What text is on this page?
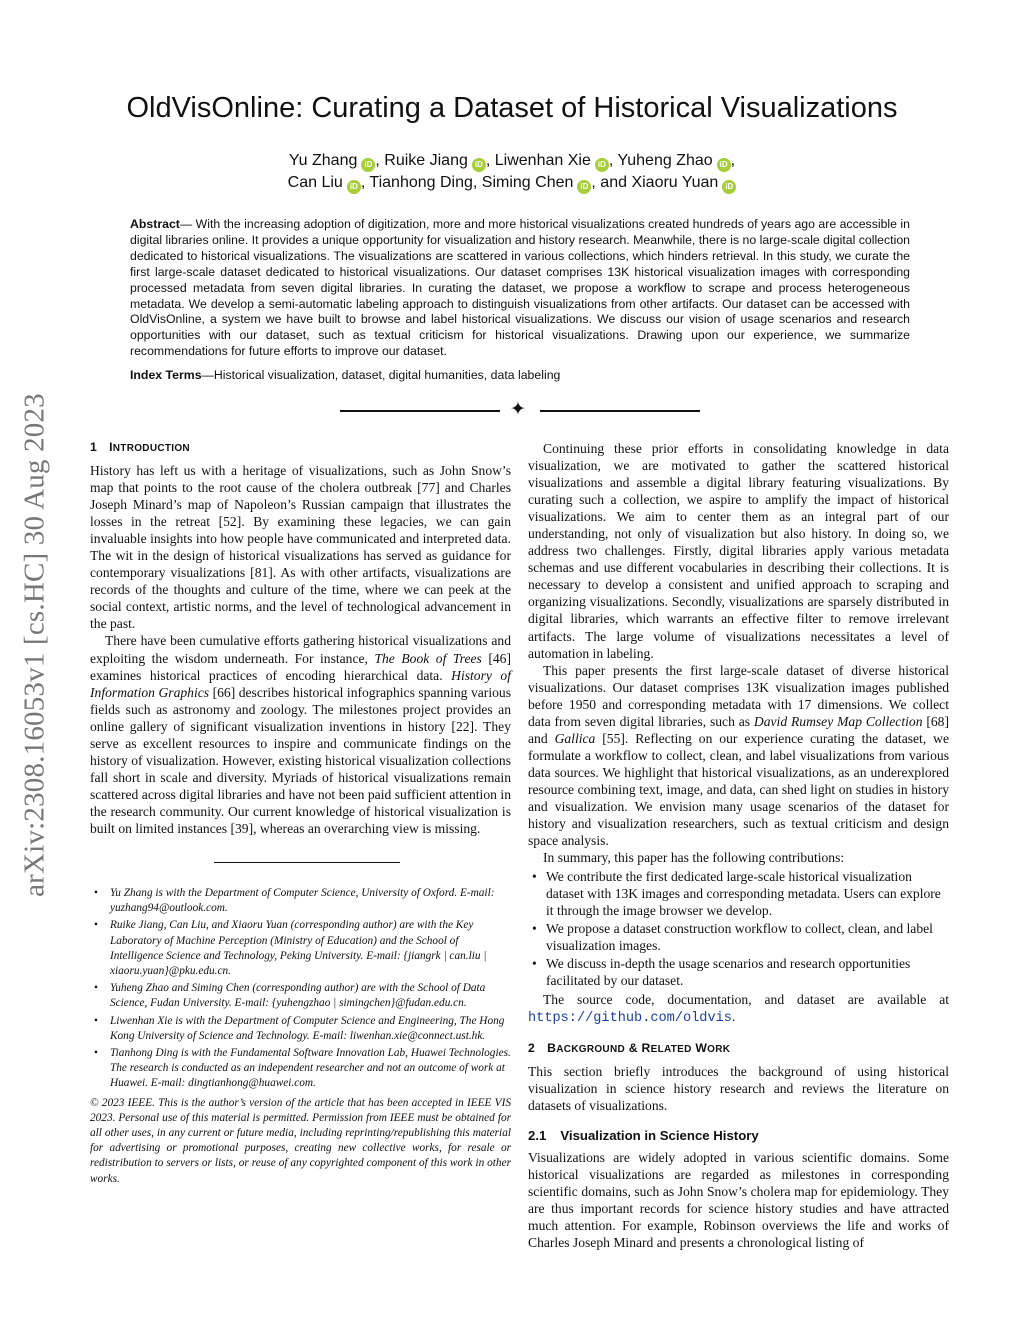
arXiv:2308.16053v1 [cs.HC] 30 Aug 2023
OldVisOnline: Curating a Dataset of Historical Visualizations
Yu Zhang iD , Ruike Jiang iD , Liwenhan Xie iD , Yuheng Zhao iD ,
Can Liu iD , Tianhong Ding, Siming Chen iD , and Xiaoru Yuan iD
Abstract— With the increasing adoption of digitization, more and more historical visualizations created hundreds of years ago are accessible in digital libraries online. It provides a unique opportunity for visualization and history research. Meanwhile, there is no large-scale digital collection dedicated to historical visualizations. The visualizations are scattered in various collections, which hinders retrieval. In this study, we curate the first large-scale dataset dedicated to historical visualizations. Our dataset comprises 13K historical visualization images with corresponding processed metadata from seven digital libraries. In curating the dataset, we propose a workflow to scrape and process heterogeneous metadata. We develop a semi-automatic labeling approach to distinguish visualizations from other artifacts. Our dataset can be accessed with OldVisOnline, a system we have built to browse and label historical visualizations. We discuss our vision of usage scenarios and research opportunities with our dataset, such as textual criticism for historical visualizations. Drawing upon our experience, we summarize recommendations for future efforts to improve our dataset.
Index Terms—Historical visualization, dataset, digital humanities, data labeling
✦
1 INTRODUCTION

History has left us with a heritage of visualizations, such as John Snow’s map that points to the root cause of the cholera outbreak [77] and Charles Joseph Minard’s map of Napoleon’s Russian campaign that illustrates the losses in the retreat [52]. By examining these legacies, we can gain invaluable insights into how people have communicated and interpreted data. The wit in the design of historical visualizations has served as guidance for contemporary visualizations [81]. As with other artifacts, visualizations are records of the thoughts and culture of the time, where we can peek at the social context, artistic norms, and the level of technological advancement in the past.

There have been cumulative efforts gathering historical visualizations and exploiting the wisdom underneath. For instance, The Book of Trees [46] examines historical practices of encoding hierarchical data. History of Information Graphics [66] describes historical infographics spanning various fields such as astronomy and zoology. The milestones project provides an online gallery of significant visualization inventions in history [22]. They serve as excellent resources to inspire and communicate findings on the history of visualization. However, existing historical visualization collections fall short in scale and diversity. Myriads of historical visualizations remain scattered across digital libraries and have not been paid sufficient attention in the research community. Our current knowledge of historical visualization is built on limited instances [39], whereas an overarching view is missing.

• Yu Zhang is with the Department of Computer Science, University of Oxford. E-mail: yuzhang94@outlook.com.
• Ruike Jiang, Can Liu, and Xiaoru Yuan (corresponding author) are with the Key Laboratory of Machine Perception (Ministry of Education) and the School of Intelligence Science and Technology, Peking University. E-mail: {jiangrk | can.liu | xiaoru.yuan}@pku.edu.cn.
• Yuheng Zhao and Siming Chen (corresponding author) are with the School of Data Science, Fudan University. E-mail: {yuhengzhao | simingchen}@fudan.edu.cn.
• Liwenhan Xie is with the Department of Computer Science and Engineering, The Hong Kong University of Science and Technology. E-mail: liwenhan.xie@connect.ust.hk.
• Tianhong Ding is with the Fundamental Software Innovation Lab, Huawei Technologies. The research is conducted as an independent researcher and not an outcome of work at Huawei. E-mail: dingtianhong@huawei.com.
© 2023 IEEE. This is the author’s version of the article that has been accepted in IEEE VIS 2023. Personal use of this material is permitted. Permission from IEEE must be obtained for all other uses, in any current or future media, including reprinting/republishing this material for advertising or promotional purposes, creating new collective works, for resale or redistribution to servers or lists, or reuse of any copyrighted component of this work in other works.

Continuing these prior efforts in consolidating knowledge in data visualization, we are motivated to gather the scattered historical visualizations and assemble a digital library featuring visualizations. By curating such a collection, we aspire to amplify the impact of historical visualizations. We aim to center them as an integral part of our understanding, not only of visualization but also history. In doing so, we address two challenges. Firstly, digital libraries apply various metadata schemas and use different vocabularies in describing their collections. It is necessary to develop a consistent and unified approach to scraping and organizing visualizations. Secondly, visualizations are sparsely distributed in digital libraries, which warrants an effective filter to remove irrelevant artifacts. The large volume of visualizations necessitates a level of automation in labeling.

This paper presents the first large-scale dataset of diverse historical visualizations. Our dataset comprises 13K visualization images published before 1950 and corresponding metadata with 17 dimensions. We collect data from seven digital libraries, such as David Rumsey Map Collection [68] and Gallica [55]. Reflecting on our experience curating the dataset, we formulate a workflow to collect, clean, and label visualizations from various data sources. We highlight that historical visualizations, as an underexplored resource combining text, image, and data, can shed light on studies in history and visualization. We envision many usage scenarios of the dataset for history and visualization researchers, such as textual criticism and design space analysis.

In summary, this paper has the following contributions:

• We contribute the first dedicated large-scale historical visualization dataset with 13K images and corresponding metadata. Users can explore it through the image browser we develop.
• We propose a dataset construction workflow to collect, clean, and label visualization images.
• We discuss in-depth the usage scenarios and research opportunities facilitated by our dataset.

The source code, documentation, and dataset are available at https://github.com/oldvis.

2 BACKGROUND & RELATED WORK

This section briefly introduces the background of using historical visualization in science history research and reviews the literature on datasets of visualizations.

2.1 Visualization in Science History

Visualizations are widely adopted in various scientific domains. Some historical visualizations are regarded as milestones in corresponding scientific domains, such as John Snow’s cholera map for epidemiology. They are thus important records for science history studies and have attracted much attention. For example, Robinson overviews the life and works of Charles Joseph Minard and presents a chronological listing of
